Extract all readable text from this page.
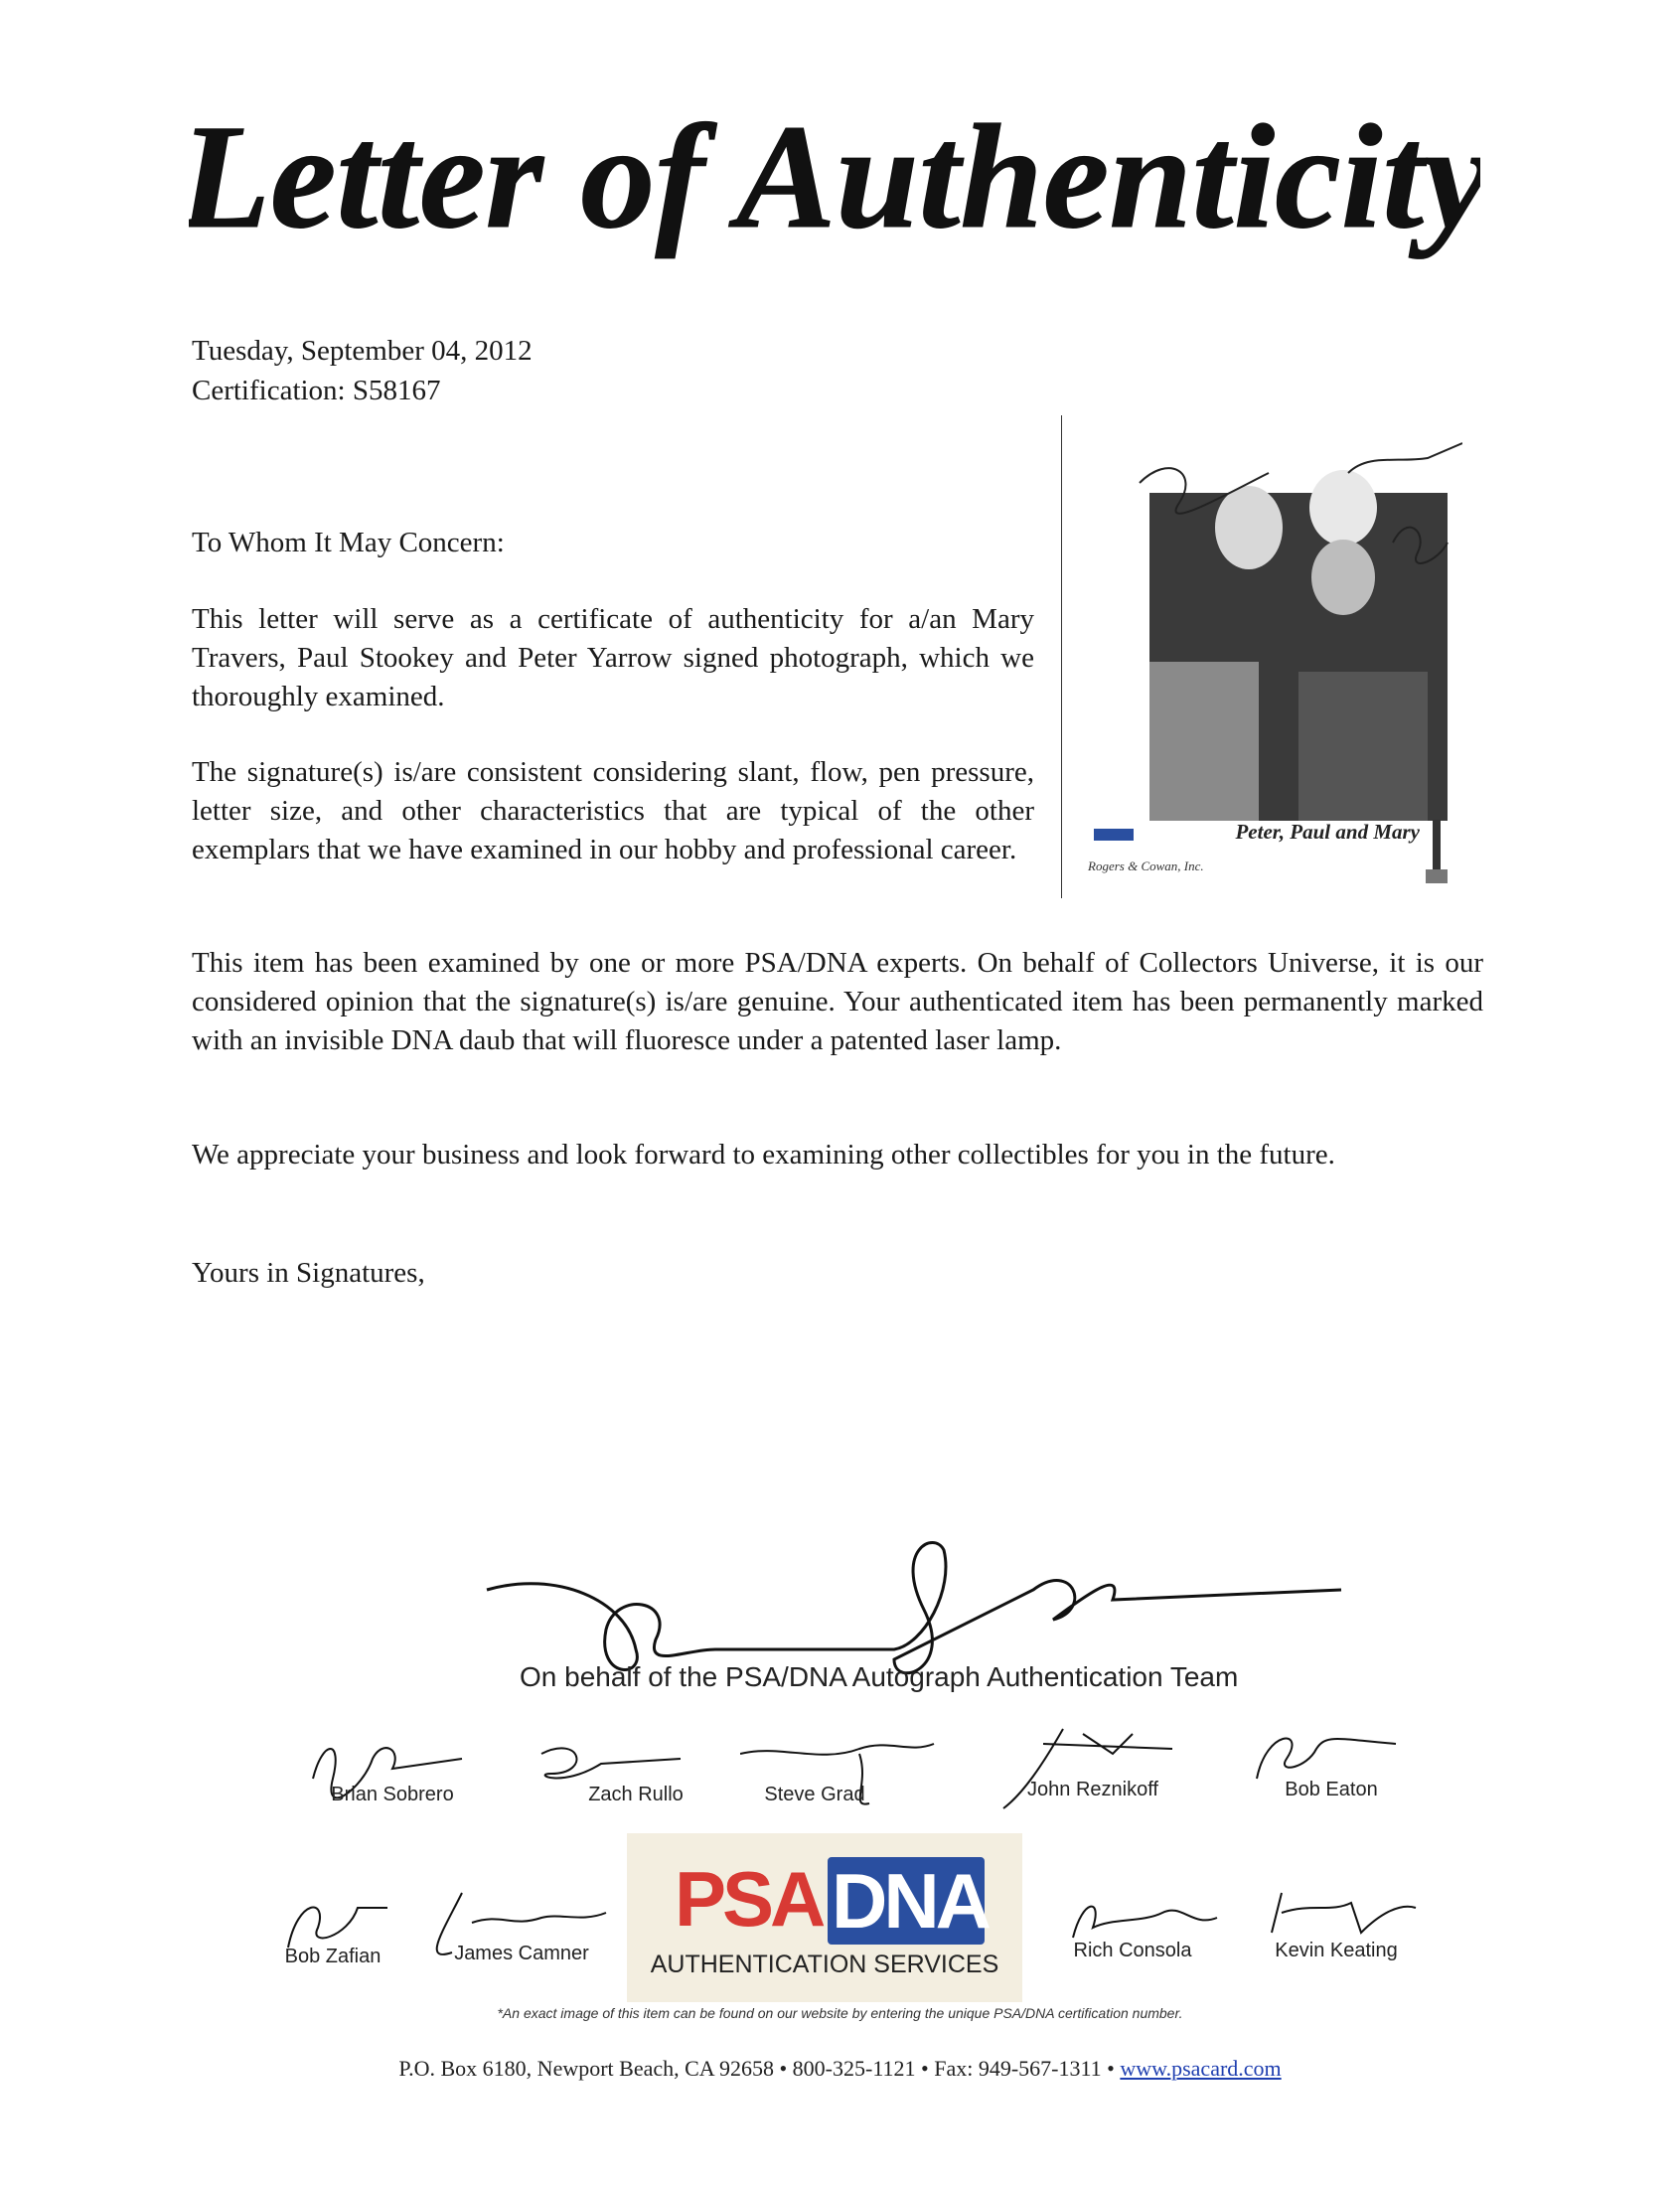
Letter of Authenticity
Tuesday, September 04, 2012
Certification: S58167
To Whom It May Concern:
This letter will serve as a certificate of authenticity for a/an Mary Travers, Paul Stookey and Peter Yarrow signed photograph, which we thoroughly examined.
The signature(s) is/are consistent considering slant, flow, pen pressure, letter size, and other characteristics that are typical of the other exemplars that we have examined in our hobby and professional career.
This item has been examined by one or more PSA/DNA experts. On behalf of Collectors Universe, it is our considered opinion that the signature(s) is/are genuine. Your authenticated item has been permanently marked with an invisible DNA daub that will fluoresce under a patented laser lamp.
We appreciate your business and look forward to examining other collectibles for you in the future.
Yours in Signatures,
Peter, Paul and Mary
Rogers & Cowan, Inc.
On behalf of the PSA/DNA Autograph Authentication Team
Brian Sobrero	Zach Rullo	Steve Grad	John Reznikoff	Bob Eaton
Bob Zafian	James Camner
PSA DNA
AUTHENTICATION SERVICES	Rich Consola	Kevin Keating
*An exact image of this item can be found on our website by entering the unique PSA/DNA certification number.
P.O. Box 6180, Newport Beach, CA 92658 • 800-325-1121 • Fax: 949-567-1311 • www.psacard.com
